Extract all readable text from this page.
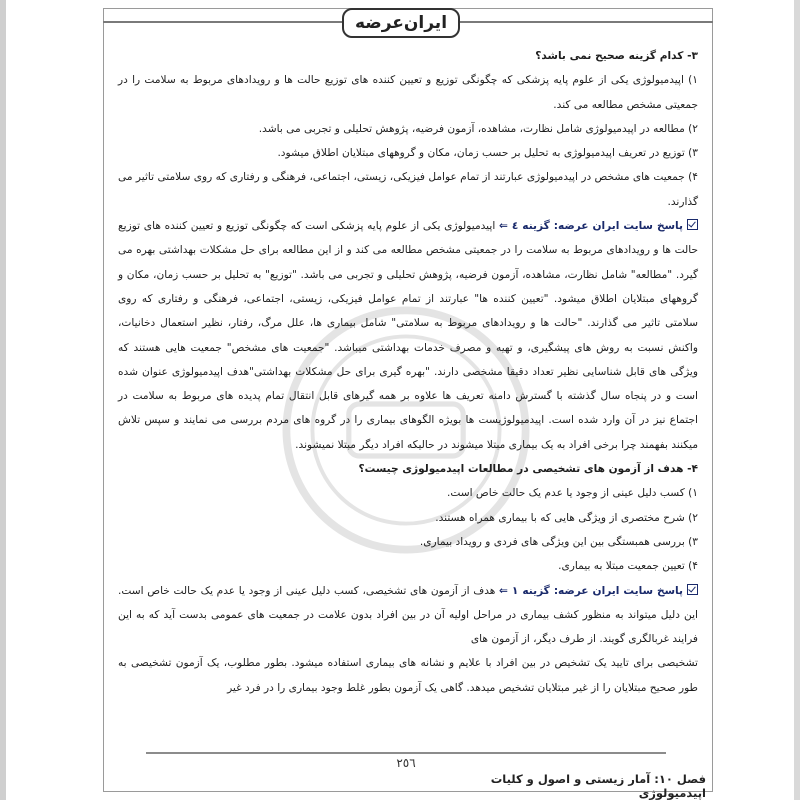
ایران‌عرضه

۳- کدام گزینه صحیح نمی باشد؟

۱) اپیدمیولوژی یکی از علوم پایه پزشکی که چگونگی توزیع و تعیین کننده های توزیع حالت ها و رویدادهای مربوط به سلامت را در جمعیتی مشخص مطالعه می کند.

۲) مطالعه در اپیدمیولوژی شامل نظارت، مشاهده، آزمون فرضیه، پژوهش تحلیلی و تجربی می باشد.

۳) توزیع در تعریف اپیدمیولوژی به تحلیل بر حسب زمان، مکان و گروههای مبتلایان اطلاق میشود.

۴) جمعیت های مشخص در اپیدمیولوژی عبارتند از تمام عوامل فیزیکی، زیستی، اجتماعی، فرهنگی و رفتاری که روی سلامتی تاثیر می گذارند.

پاسخ سایت ایران عرضه: گزینه ٤ ⇐ اپیدمیولوژی یکی از علوم پایه پزشکی است که چگونگی توزیع و تعیین کننده های توزیع حالت ها و رویدادهای مربوط به سلامت را در جمعیتی مشخص مطالعه می کند و از این مطالعه برای حل مشکلات بهداشتی بهره می گیرد. "مطالعه" شامل نظارت، مشاهده، آزمون فرضیه، پژوهش تحلیلی و تجربی می باشد. "توزیع" به تحلیل بر حسب زمان، مکان و گروههای مبتلایان اطلاق میشود. "تعیین کننده ها" عبارتند از تمام عوامل فیزیکی، زیستی، اجتماعی، فرهنگی و رفتاری که روی سلامتی تاثیر می گذارند. "حالت ها و رویدادهای مربوط به سلامتی" شامل بیماری ها، علل مرگ، رفتار، نظیر استعمال دخانیات، واکنش نسبت به روش های پیشگیری، و تهیه و مصرف خدمات بهداشتی میباشد. "جمعیت های مشخص" جمعیت هایی هستند که ویژگی های قابل شناسایی نظیر تعداد دقیقا مشخصی دارند. "بهره گیری برای حل مشکلات بهداشتی"هدف اپیدمیولوژی عنوان شده است و در پنجاه سال گذشته با گسترش دامنه تعریف ها علاوه بر همه گیرهای قابل انتقال تمام پدیده های مربوط به سلامت در اجتماع نیز در آن وارد شده است. اپیدمیولوژیست ها بویژه الگوهای بیماری را در گروه های مردم بررسی می نمایند و سپس تلاش میکنند بفهمند چرا برخی افراد به یک بیماری مبتلا میشوند در حالیکه افراد دیگر مبتلا نمیشوند.

۴- هدف از آزمون های تشخیصی در مطالعات اپیدمیولوژی چیست؟

۱) کسب دلیل عینی از وجود یا عدم یک حالت خاص است.

۲) شرح مختصری از ویژگی هایی که با بیماری همراه هستند.

۳) بررسی همبستگی بین این ویژگی های فردی و رویداد بیماری.

۴) تعیین جمعیت مبتلا به بیماری.

پاسخ سایت ایران عرضه: گزینه ۱ ⇐ هدف از آزمون های تشخیصی، کسب دلیل عینی از وجود یا عدم یک حالت خاص است. این دلیل میتواند به منظور کشف بیماری در مراحل اولیه آن در بین افراد بدون علامت در جمعیت های عمومی بدست آید که به این فرایند غربالگری گویند. از طرف دیگر، از آزمون های

تشخیصی برای تایید یک تشخیص در بین افراد با علایم و نشانه های بیماری استفاده میشود. بطور مطلوب، یک آزمون تشخیصی به طور صحیح مبتلایان را از غیر مبتلایان تشخیص میدهد. گاهی یک آزمون بطور غلط وجود بیماری را در فرد غیر

٢٥٦
فصل ۱۰: آمار زیستی و اصول و کلیات اپیدمیولوژی
